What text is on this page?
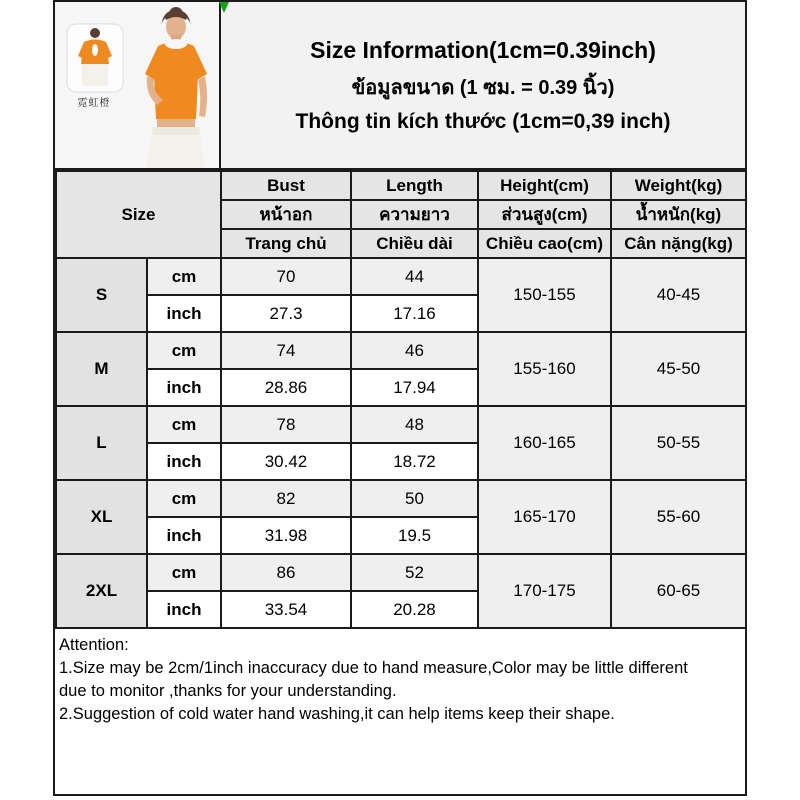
霓虹橙
Size Information(1cm=0.39inch)
ข้อมูลขนาด (1 ซม. = 0.39 นิ้ว)
Thông tin kích thước (1cm=0,39 inch)
Size		Bust	Length	Height(cm)	Weight(kg)
		หน้าอก	ความยาว	ส่วนสูง(cm)	น้ำหนัก(kg)
		Trang chủ	Chiều dài	Chiều cao(cm)	Cân nặng(kg)
S	cm	70	44	150-155	40-45
	inch	27.3	17.16		
M	cm	74	46	155-160	45-50
	inch	28.86	17.94		
L	cm	78	48	160-165	50-55
	inch	30.42	18.72		
XL	cm	82	50	165-170	55-60
	inch	31.98	19.5		
2XL	cm	86	52	170-175	60-65
	inch	33.54	20.28		
Attention:
1.Size may be 2cm/1inch inaccuracy due to hand measure,Color may be little different
due to monitor ,thanks for your understanding.
2.Suggestion of cold water hand washing,it can help items keep their shape.
